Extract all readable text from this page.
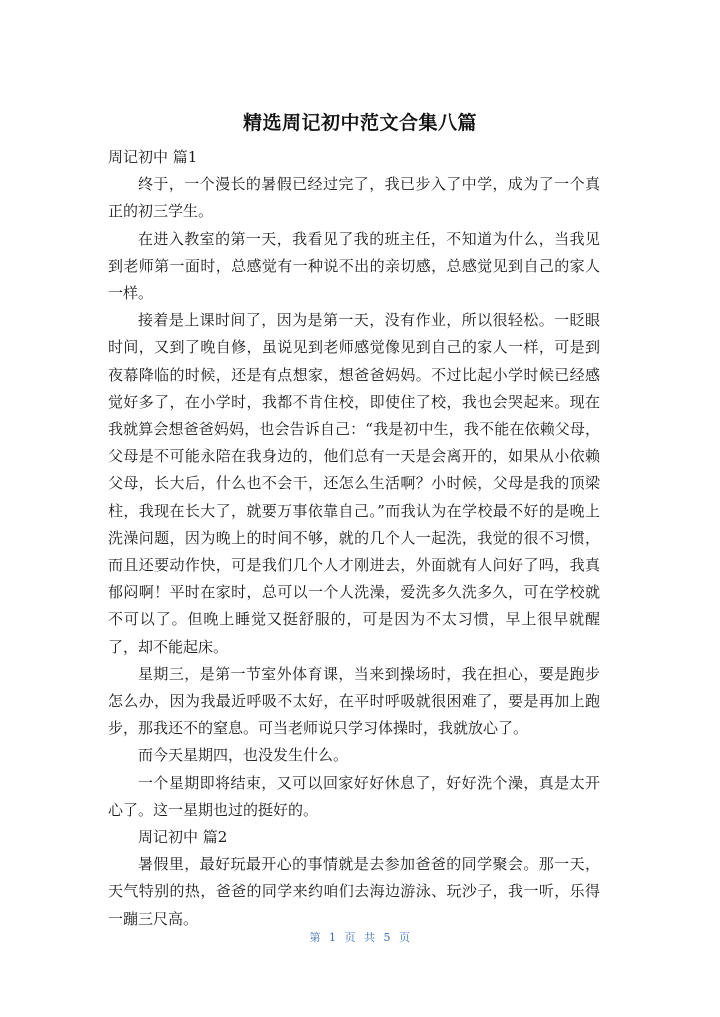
精选周记初中范文合集八篇

周记初中 篇1

终于，一个漫长的暑假已经过完了，我已步入了中学，成为了一个真正的初三学生。

在进入教室的第一天，我看见了我的班主任，不知道为什么，当我见到老师第一面时，总感觉有一种说不出的亲切感，总感觉见到自己的家人一样。

接着是上课时间了，因为是第一天，没有作业，所以很轻松。一眨眼时间，又到了晚自修，虽说见到老师感觉像见到自己的家人一样，可是到夜幕降临的时候，还是有点想家，想爸爸妈妈。不过比起小学时候已经感觉好多了，在小学时，我都不肯住校，即使住了校，我也会哭起来。现在我就算会想爸爸妈妈，也会告诉自己：“我是初中生，我不能在依赖父母，父母是不可能永陪在我身边的，他们总有一天是会离开的，如果从小依赖父母，长大后，什么也不会干，还怎么生活啊？小时候，父母是我的顶梁柱，我现在长大了，就要万事依靠自己。”而我认为在学校最不好的是晚上洗澡问题，因为晚上的时间不够，就的几个人一起洗，我觉的很不习惯，而且还要动作快，可是我们几个人才刚进去，外面就有人问好了吗，我真郁闷啊！平时在家时，总可以一个人洗澡，爱洗多久洗多久，可在学校就不可以了。但晚上睡觉又挺舒服的，可是因为不太习惯，早上很早就醒了，却不能起床。

星期三，是第一节室外体育课，当来到操场时，我在担心，要是跑步怎么办，因为我最近呼吸不太好，在平时呼吸就很困难了，要是再加上跑步，那我还不的窒息。可当老师说只学习体操时，我就放心了。

而今天星期四，也没发生什么。

一个星期即将结束，又可以回家好好休息了，好好洗个澡，真是太开心了。这一星期也过的挺好的。

周记初中 篇2

暑假里，最好玩最开心的事情就是去参加爸爸的同学聚会。那一天，天气特别的热，爸爸的同学来约咱们去海边游泳、玩沙子，我一听，乐得一蹦三尺高。

第 1 页 共 5 页
